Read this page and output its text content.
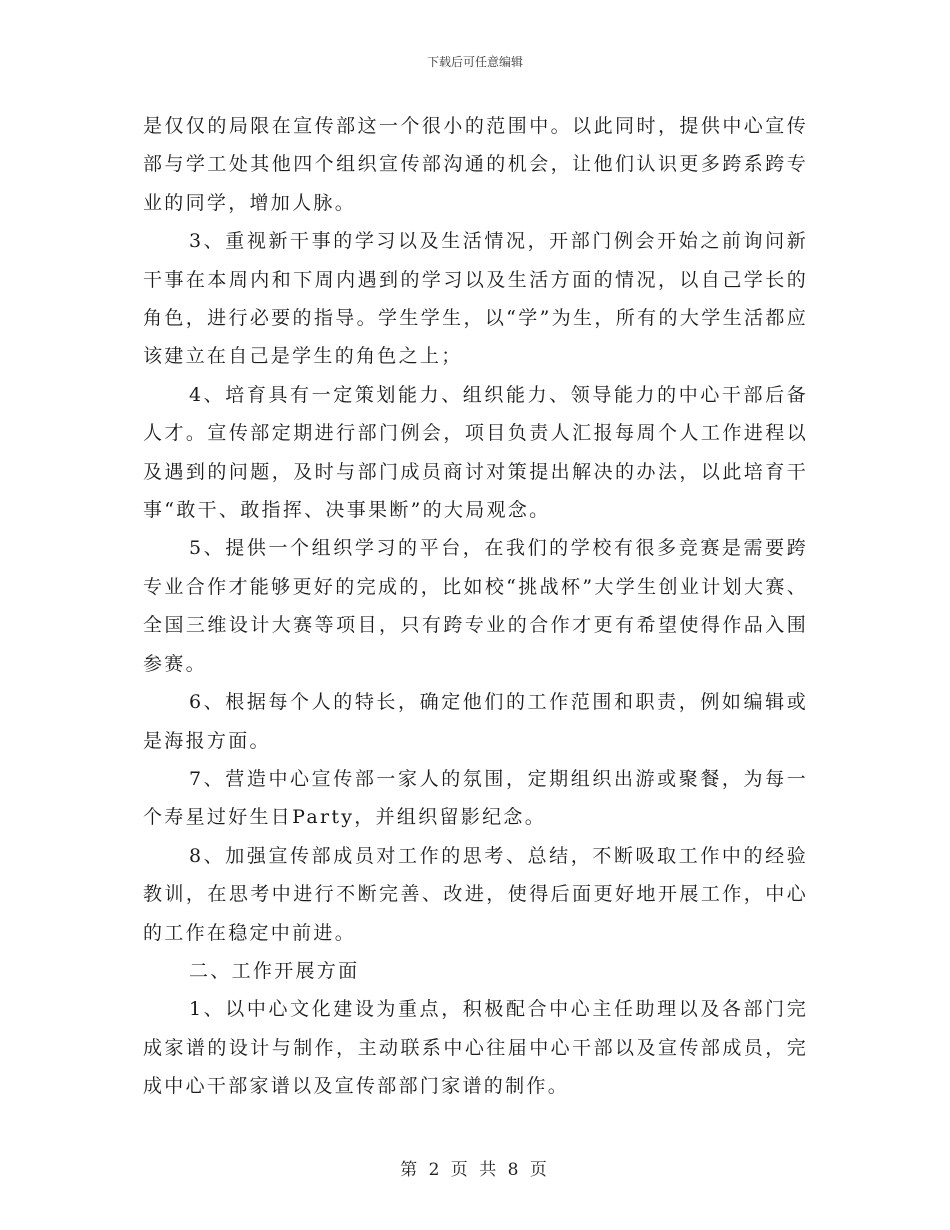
下载后可任意编辑

是仅仅的局限在宣传部这一个很小的范围中。以此同时，提供中心宣传部与学工处其他四个组织宣传部沟通的机会，让他们认识更多跨系跨专业的同学，增加人脉。

3、重视新干事的学习以及生活情况，开部门例会开始之前询问新干事在本周内和下周内遇到的学习以及生活方面的情况，以自己学长的角色，进行必要的指导。学生学生，以“学”为生，所有的大学生活都应该建立在自己是学生的角色之上；

4、培育具有一定策划能力、组织能力、领导能力的中心干部后备人才。宣传部定期进行部门例会，项目负责人汇报每周个人工作进程以及遇到的问题，及时与部门成员商讨对策提出解决的办法，以此培育干事“敢干、敢指挥、决事果断”的大局观念。

5、提供一个组织学习的平台，在我们的学校有很多竞赛是需要跨专业合作才能够更好的完成的，比如校“挑战杯”大学生创业计划大赛、全国三维设计大赛等项目，只有跨专业的合作才更有希望使得作品入围参赛。

6、根据每个人的特长，确定他们的工作范围和职责，例如编辑或是海报方面。

7、营造中心宣传部一家人的氛围，定期组织出游或聚餐，为每一个寿星过好生日Party，并组织留影纪念。

8、加强宣传部成员对工作的思考、总结，不断吸取工作中的经验教训，在思考中进行不断完善、改进，使得后面更好地开展工作，中心的工作在稳定中前进。

二、工作开展方面

1、以中心文化建设为重点，积极配合中心主任助理以及各部门完成家谱的设计与制作，主动联系中心往届中心干部以及宣传部成员，完成中心干部家谱以及宣传部部门家谱的制作。

第 2 页 共 8 页
